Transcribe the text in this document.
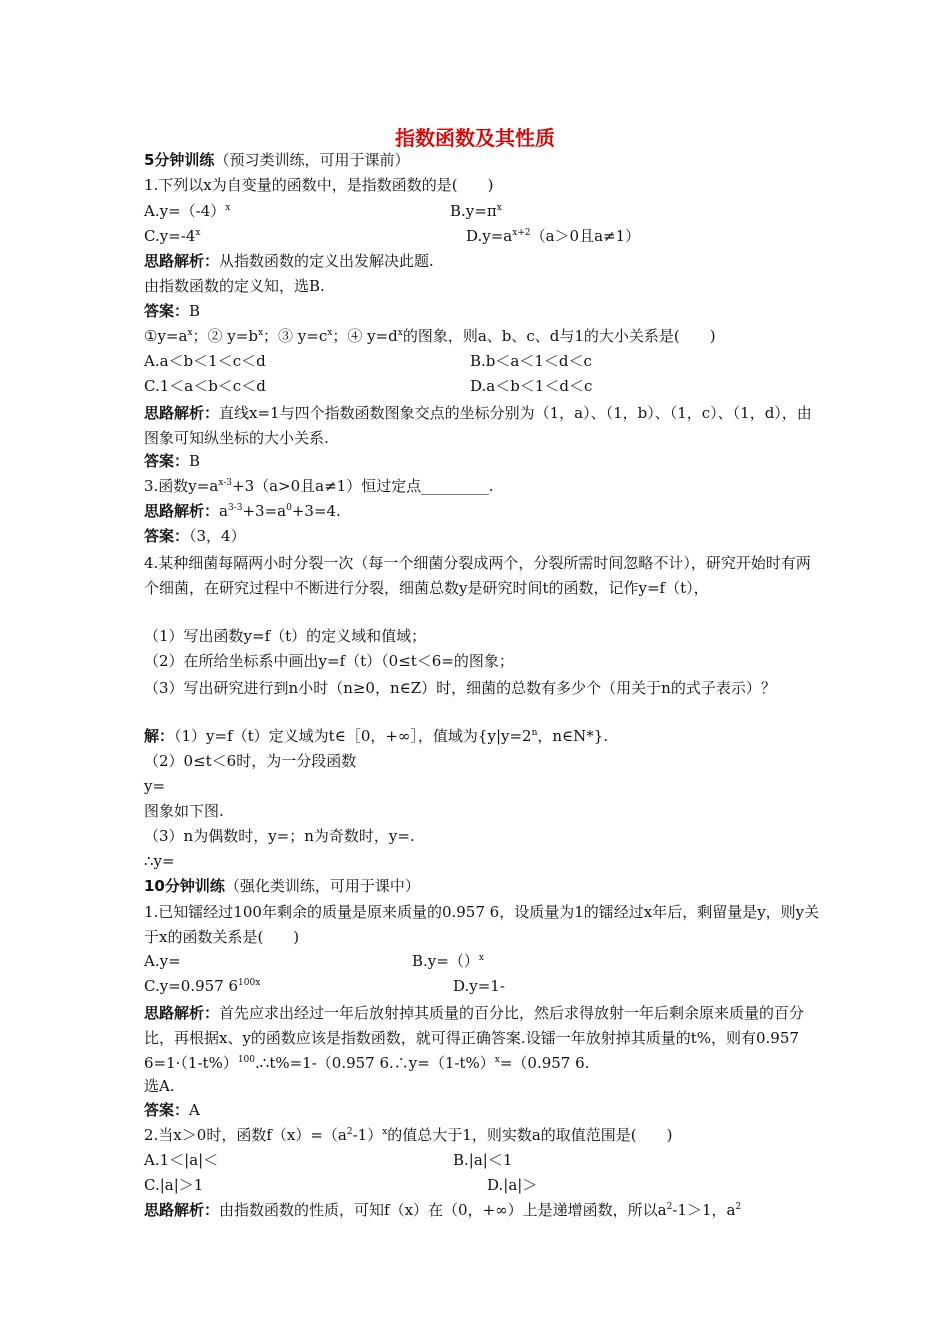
指数函数及其性质
5分钟训练（预习类训练，可用于课前）
1.下列以x为自变量的函数中，是指数函数的是(　　)
$A.y=(-4)^x$	$B.y=\pi^x$
$C.y=-4^x$	$D.y=a^{x+2}(a>0$且a≠1）
思路解析：从指数函数的定义出发解决此题.
由指数函数的定义知，选B.
答案：B
$①y=a^x$；② $y=b^x$；③ $y=c^x$；④ $y=d^x$的图象，则a、b、c、d与1的大小关系是(　　)
A.a＜b＜1＜c＜d	B.b＜a＜1＜d＜c
C.1＜a＜b＜c＜d	D.a＜b＜1＜d＜c
思路解析：直线x=1与四个指数函数图象交点的坐标分别为（1，a）、（1，b）、（1，c）、（1，d），由图象可知纵坐标的大小关系.
答案：B
3.函数$y=a^{x-3}+3(a>0$且a≠1）恒过定点_________.
思路解析：$a^{3-3}+3=a^0+3=4$.
答案：（3，4）
4.某种细菌每隔两小时分裂一次（每一个细菌分裂成两个，分裂所需时间忽略不计），研究开始时有两个细菌，在研究过程中不断进行分裂，细菌总数y是研究时间t的函数，记作y=f（t），
（1）写出函数y=f（t）的定义域和值域；
（2）在所给坐标系中画出y=f（t）（0≤t＜6=的图象；
（3）写出研究进行到n小时（n≥0，n∈Z）时，细菌的总数有多少个（用关于n的式子表示）？
解：（1）y=f（t）定义域为t∈［0，+∞］，值域为{$y|y=2^n$，n∈N*}.
（2）0≤t＜6时，为一分段函数
y=
图象如下图.
（3）n为偶数时，y=；n为奇数时，y=.
∴y=
10分钟训练（强化类训练，可用于课中）
1.已知镭经过100年剩余的质量是原来质量的0.957 6，设质量为1的镭经过x年后，剩留量是y，则y关于x的函数关系是(　　)
A.y=	B.y=（）$^x$
C.y=0.957 $6^{100x}$	D.y=1-
思路解析：首先应求出经过一年后放射掉其质量的百分比，然后求得放射一年后剩余原来质量的百分比，再根据x、y的函数应该是指数函数，就可得正确答案.设镭一年放射掉其质量的t%，则有0.957 $6=1\cdot(1-t\%)^{100}.\therefore t\%=1-(0.957$ $6.\therefore y=(1-t\%)^x=(0.957$ 6.
选A.
答案：A
2.当x＞0时，函数$f(x)=(a^2-1)^x$的值总大于1，则实数a的取值范围是(　　)
A.1＜|a|＜	B.|a|＜1
C.|a|＞1	D.|a|＞
思路解析：由指数函数的性质，可知f（x）在（0，+∞）上是递增函数，所以$a^2-1>1$，$a^2$
